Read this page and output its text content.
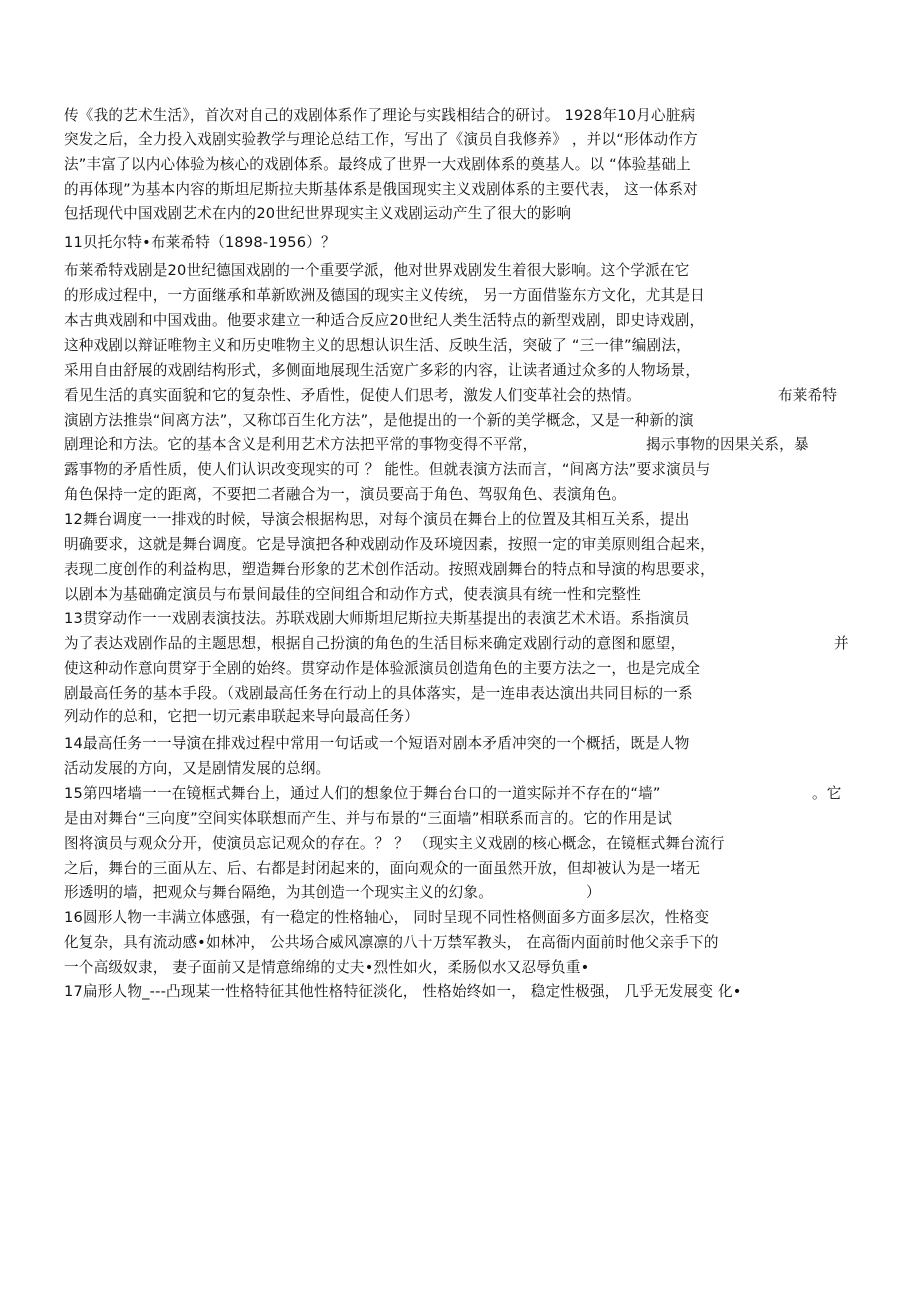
传《我的艺术生活》，首次对自己的戏剧体系作了理论与实践相结合的研讨。 1928年10月心脏病
突发之后，全力投入戏剧实验教学与理论总结工作，写出了《演员自我修养》 ，并以“形体动作方
法”丰富了以内心体验为核心的戏剧体系。最终成了世界一大戏剧体系的奠基人。以 “体验基础上
的再体现”为基本内容的斯坦尼斯拉夫斯基体系是俄国现实主义戏剧体系的主要代表， 这一体系对
包括现代中国戏剧艺术在内的20世纪世界现实主义戏剧运动产生了很大的影响
11贝托尔特•布莱希特（1898-1956）？
布莱希特戏剧是20世纪德国戏剧的一个重要学派，他对世界戏剧发生着很大影响。这个学派在它
的形成过程中，一方面继承和革新欧洲及德国的现实主义传统， 另一方面借鉴东方文化，尤其是日
本古典戏剧和中国戏曲。他要求建立一种适合反应20世纪人类生活特点的新型戏剧，即史诗戏剧，
这种戏剧以辩证唯物主义和历史唯物主义的思想认识生活、反映生活，突破了 “三一律”编剧法，
采用自由舒展的戏剧结构形式，多侧面地展现生活宽广多彩的内容，让读者通过众多的人物场景，
看见生活的真实面貌和它的复杂性、矛盾性，促使人们思考，激发人们变革社会的热情。	布莱希特
演剧方法推祟“间离方法”，又称邙百生化方法”，是他提出的一个新的美学概念，又是一种新的演
剧理论和方法。它的基本含义是利用艺术方法把平常的事物变得不平常，	揭示事物的因果关系，暴
露事物的矛盾性质，使人们认识改变现实的可 ？ 能性。但就表演方法而言，“间离方法”要求演员与
角色保持一定的距离，不要把二者融合为一，演员要高于角色、驾驭角色、表演角色。
12舞台调度一一排戏的时候，导演会根据构思，对每个演员在舞台上的位置及其相互关系，提出
明确要求，这就是舞台调度。它是导演把各种戏剧动作及环境因素，按照一定的审美原则组合起来，
表现二度创作的利益构思，塑造舞台形象的艺术创作活动。按照戏剧舞台的特点和导演的构思要求，
以剧本为基础确定演员与布景间最佳的空间组合和动作方式，使表演具有统一性和完整性
13贯穿动作一一戏剧表演技法。苏联戏剧大师斯坦尼斯拉夫斯基提出的表演艺术术语。系指演员
为了表达戏剧作品的主题思想，根据自己扮演的角色的生活目标来确定戏剧行动的意图和愿望，	并
使这种动作意向贯穿于全剧的始终。贯穿动作是体验派演员创造角色的主要方法之一，也是完成全
剧最高任务的基本手段。（戏剧最高任务在行动上的具体落实，是一连串表达演出共同目标的一系
列动作的总和，它把一切元素串联起来导向最高任务）
14最高任务一一导演在排戏过程中常用一句话或一个短语对剧本矛盾冲突的一个概括，既是人物
活动发展的方向，又是剧情发展的总纲。
15第四堵墙一一在镜框式舞台上，通过人们的想象位于舞台台口的一道实际并不存在的“墙”	。它
是由对舞台“三向度”空间实体联想而产生、并与布景的“三面墙”相联系而言的。它的作用是试
图将演员与观众分开，使演员忘记观众的存在。？ ？ （现实主义戏剧的核心概念，在镜框式舞台流行
之后，舞台的三面从左、后、右都是封闭起来的，面向观众的一面虽然开放，但却被认为是一堵无
形透明的墙，把观众与舞台隔绝，为其创造一个现实主义的幻象。	）
16圆形人物一丰满立体感强，有一稳定的性格轴心， 同时呈现不同性格侧面多方面多层次，性格变
化复杂，具有流动感•如林冲， 公共场合威风凛凛的八十万禁军教头， 在高衙内面前时他父亲手下的
一个高级奴隶， 妻子面前又是情意绵绵的丈夫•烈性如火，柔肠似水又忍辱负重•
17扁形人物_---凸现某一性格特征其他性格特征淡化， 性格始终如一， 稳定性极强， 几乎无发展变 化•
